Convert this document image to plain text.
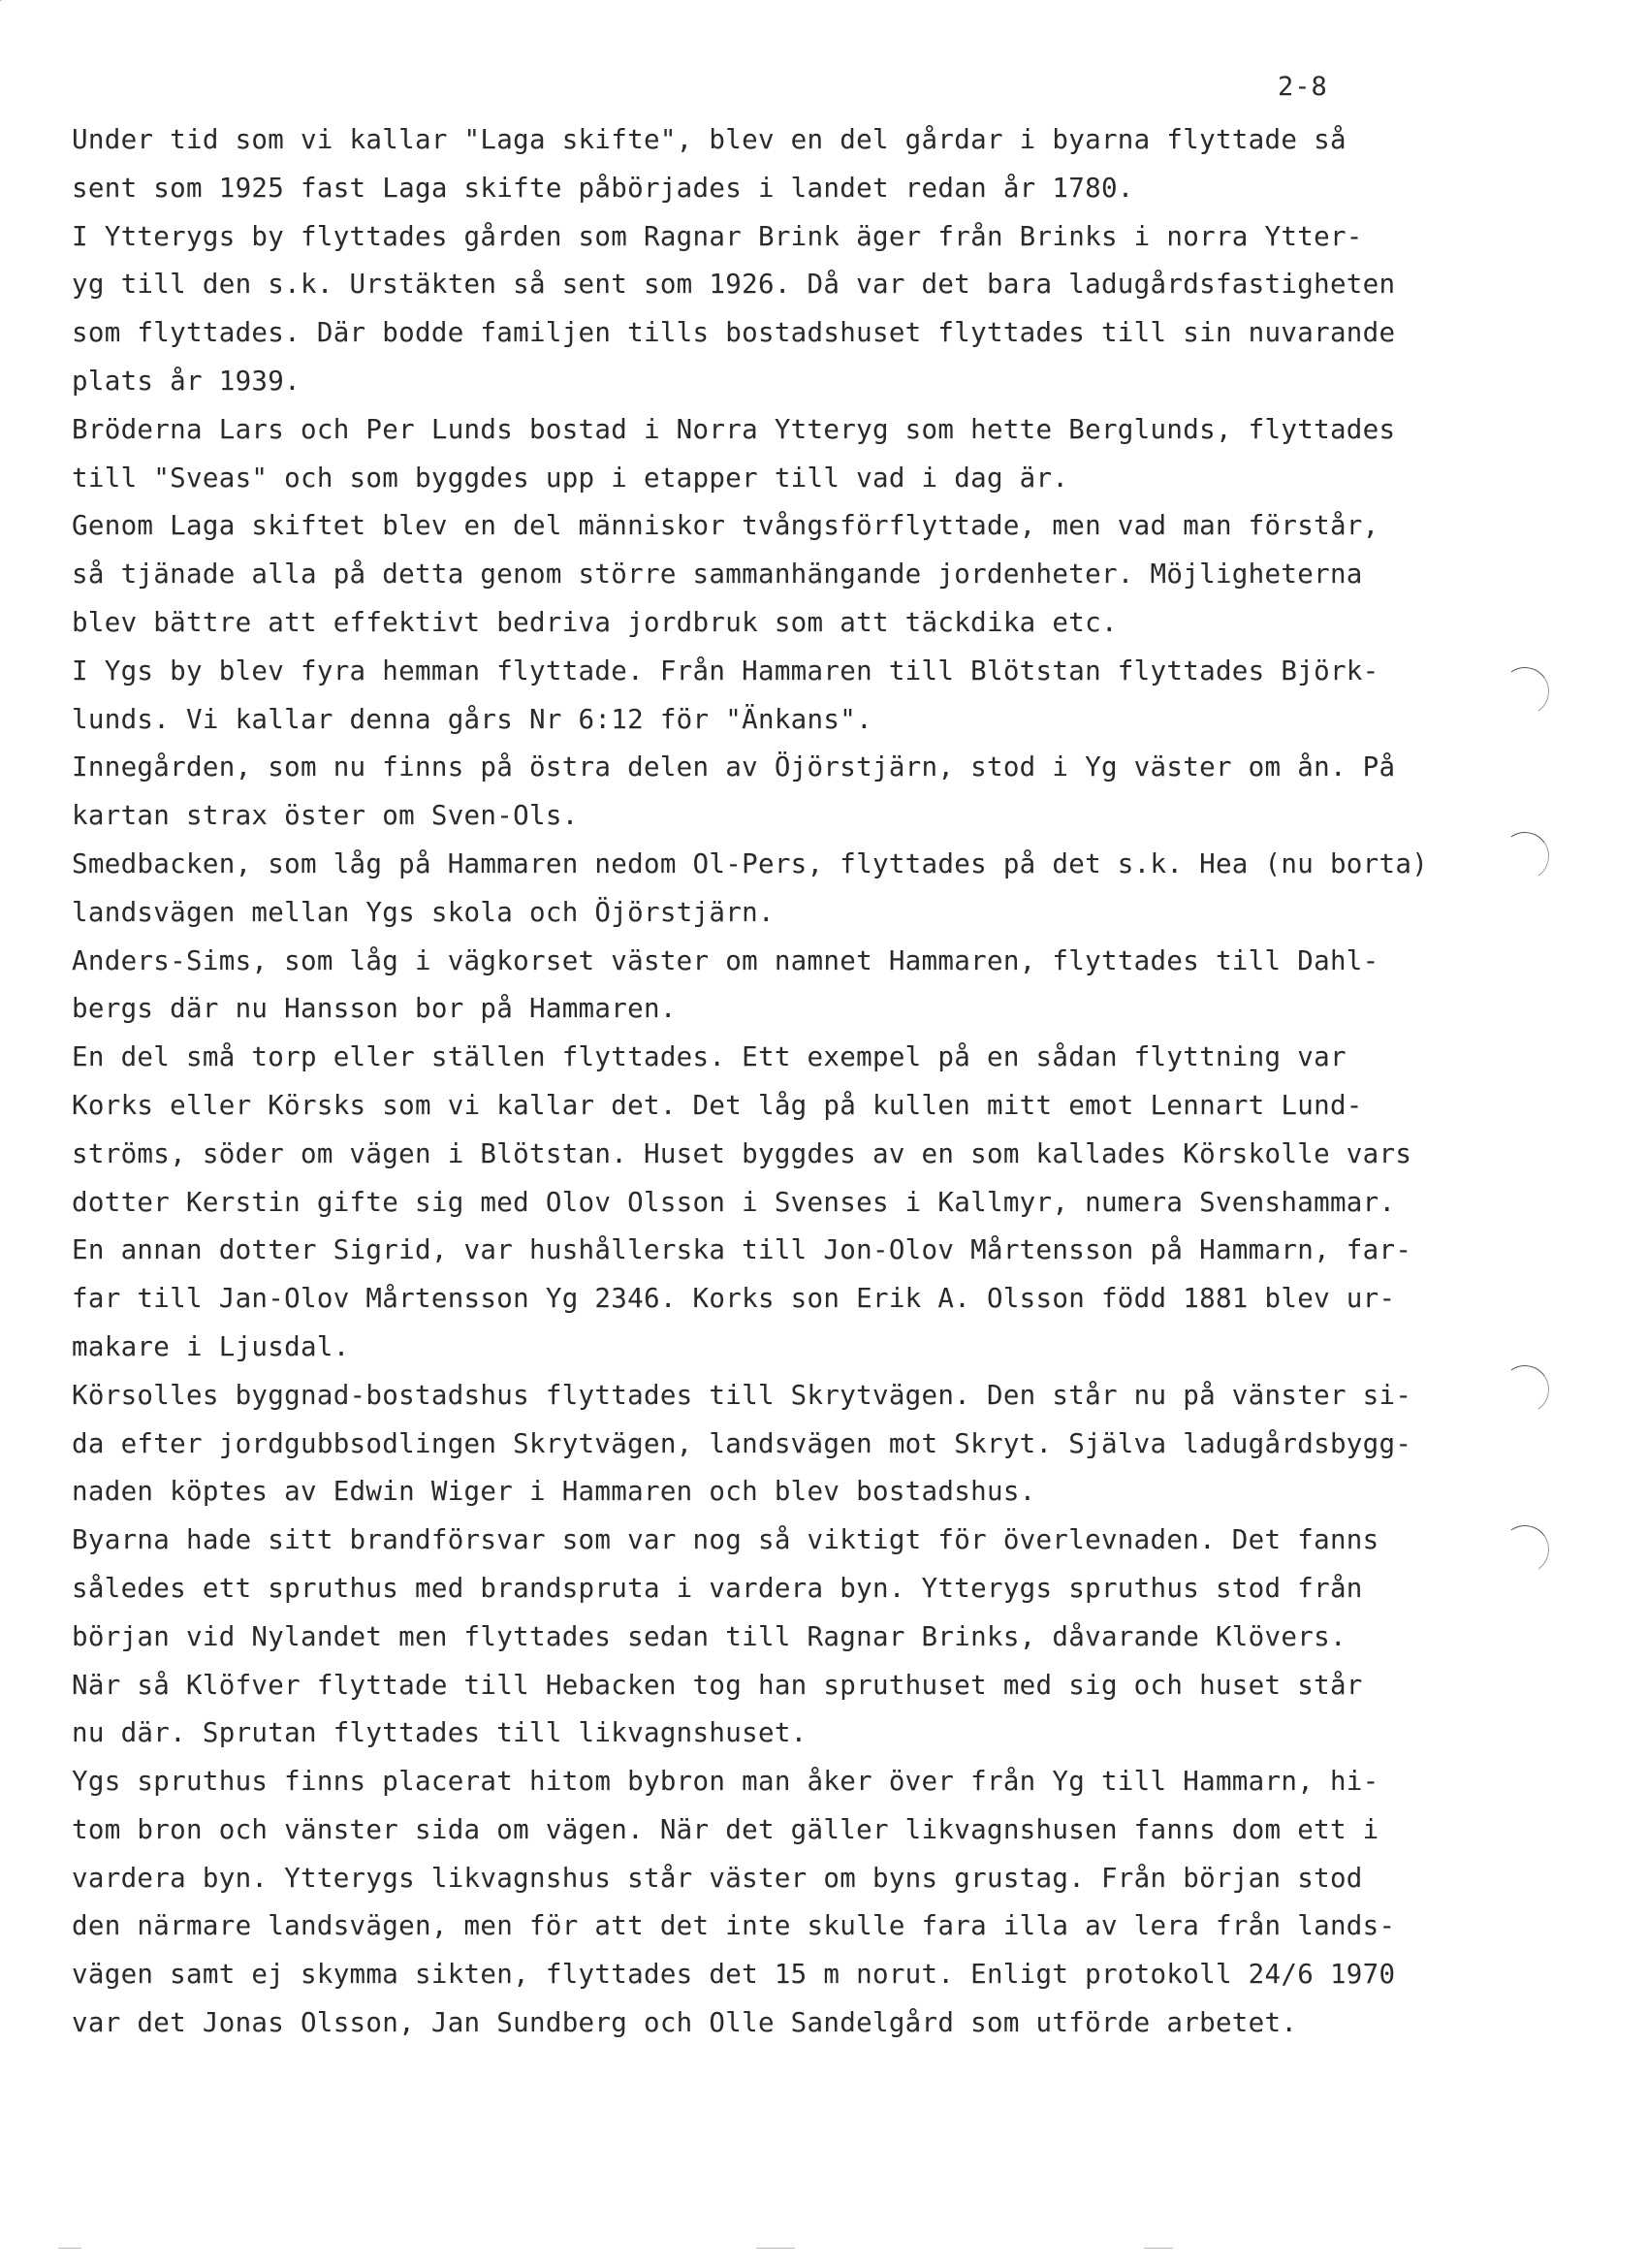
2-8
Under tid som vi kallar "Laga skifte", blev en del gårdar i byarna flyttade så
sent som 1925 fast Laga skifte påbörjades i landet redan år 1780.
I Ytterygs by flyttades gården som Ragnar Brink äger från Brinks i norra Ytter-
yg till den s.k. Urstäkten så sent som 1926. Då var det bara ladugårdsfastigheten
som flyttades. Där bodde familjen tills bostadshuset flyttades till sin nuvarande
plats år 1939.
Bröderna Lars och Per Lunds bostad i Norra Ytteryg som hette Berglunds, flyttades
till "Sveas" och som byggdes upp i etapper till vad i dag är.
Genom Laga skiftet blev en del människor tvångsförflyttade, men vad man förstår,
så tjänade alla på detta genom större sammanhängande jordenheter. Möjligheterna
blev bättre att effektivt bedriva jordbruk som att täckdika etc.
I Ygs by blev fyra hemman flyttade. Från Hammaren till Blötstan flyttades Björk-
lunds. Vi kallar denna gårs Nr 6:12 för "Änkans".
Innegården, som nu finns på östra delen av Öjörstjärn, stod i Yg väster om ån. På
kartan strax öster om Sven-Ols.
Smedbacken, som låg på Hammaren nedom Ol-Pers, flyttades på det s.k. Hea (nu borta)
landsvägen mellan Ygs skola och Öjörstjärn.
Anders-Sims, som låg i vägkorset väster om namnet Hammaren, flyttades till Dahl-
bergs där nu Hansson bor på Hammaren.
En del små torp eller ställen flyttades. Ett exempel på en sådan flyttning var
Korks eller Körsks som vi kallar det. Det låg på kullen mitt emot Lennart Lund-
ströms, söder om vägen i Blötstan. Huset byggdes av en som kallades Körskolle vars
dotter Kerstin gifte sig med Olov Olsson i Svenses i Kallmyr, numera Svenshammar.
En annan dotter Sigrid, var hushållerska till Jon-Olov Mårtensson på Hammarn, far-
far till Jan-Olov Mårtensson Yg 2346. Korks son Erik A. Olsson född 1881 blev ur-
makare i Ljusdal.
Körsolles byggnad-bostadshus flyttades till Skrytvägen. Den står nu på vänster si-
da efter jordgubbsodlingen Skrytvägen, landsvägen mot Skryt. Själva ladugårdsbygg-
naden köptes av Edwin Wiger i Hammaren och blev bostadshus.
Byarna hade sitt brandförsvar som var nog så viktigt för överlevnaden. Det fanns
således ett spruthus med brandspruta i vardera byn. Ytterygs spruthus stod från
början vid Nylandet men flyttades sedan till Ragnar Brinks, dåvarande Klövers.
När så Klöfver flyttade till Hebacken tog han spruthuset med sig och huset står
nu där. Sprutan flyttades till likvagnshuset.
Ygs spruthus finns placerat hitom bybron man åker över från Yg till Hammarn, hi-
tom bron och vänster sida om vägen. När det gäller likvagnshusen fanns dom ett i
vardera byn. Ytterygs likvagnshus står väster om byns grustag. Från början stod
den närmare landsvägen, men för att det inte skulle fara illa av lera från lands-
vägen samt ej skymma sikten, flyttades det 15 m norut. Enligt protokoll 24/6 1970
var det Jonas Olsson, Jan Sundberg och Olle Sandelgård som utförde arbetet.
